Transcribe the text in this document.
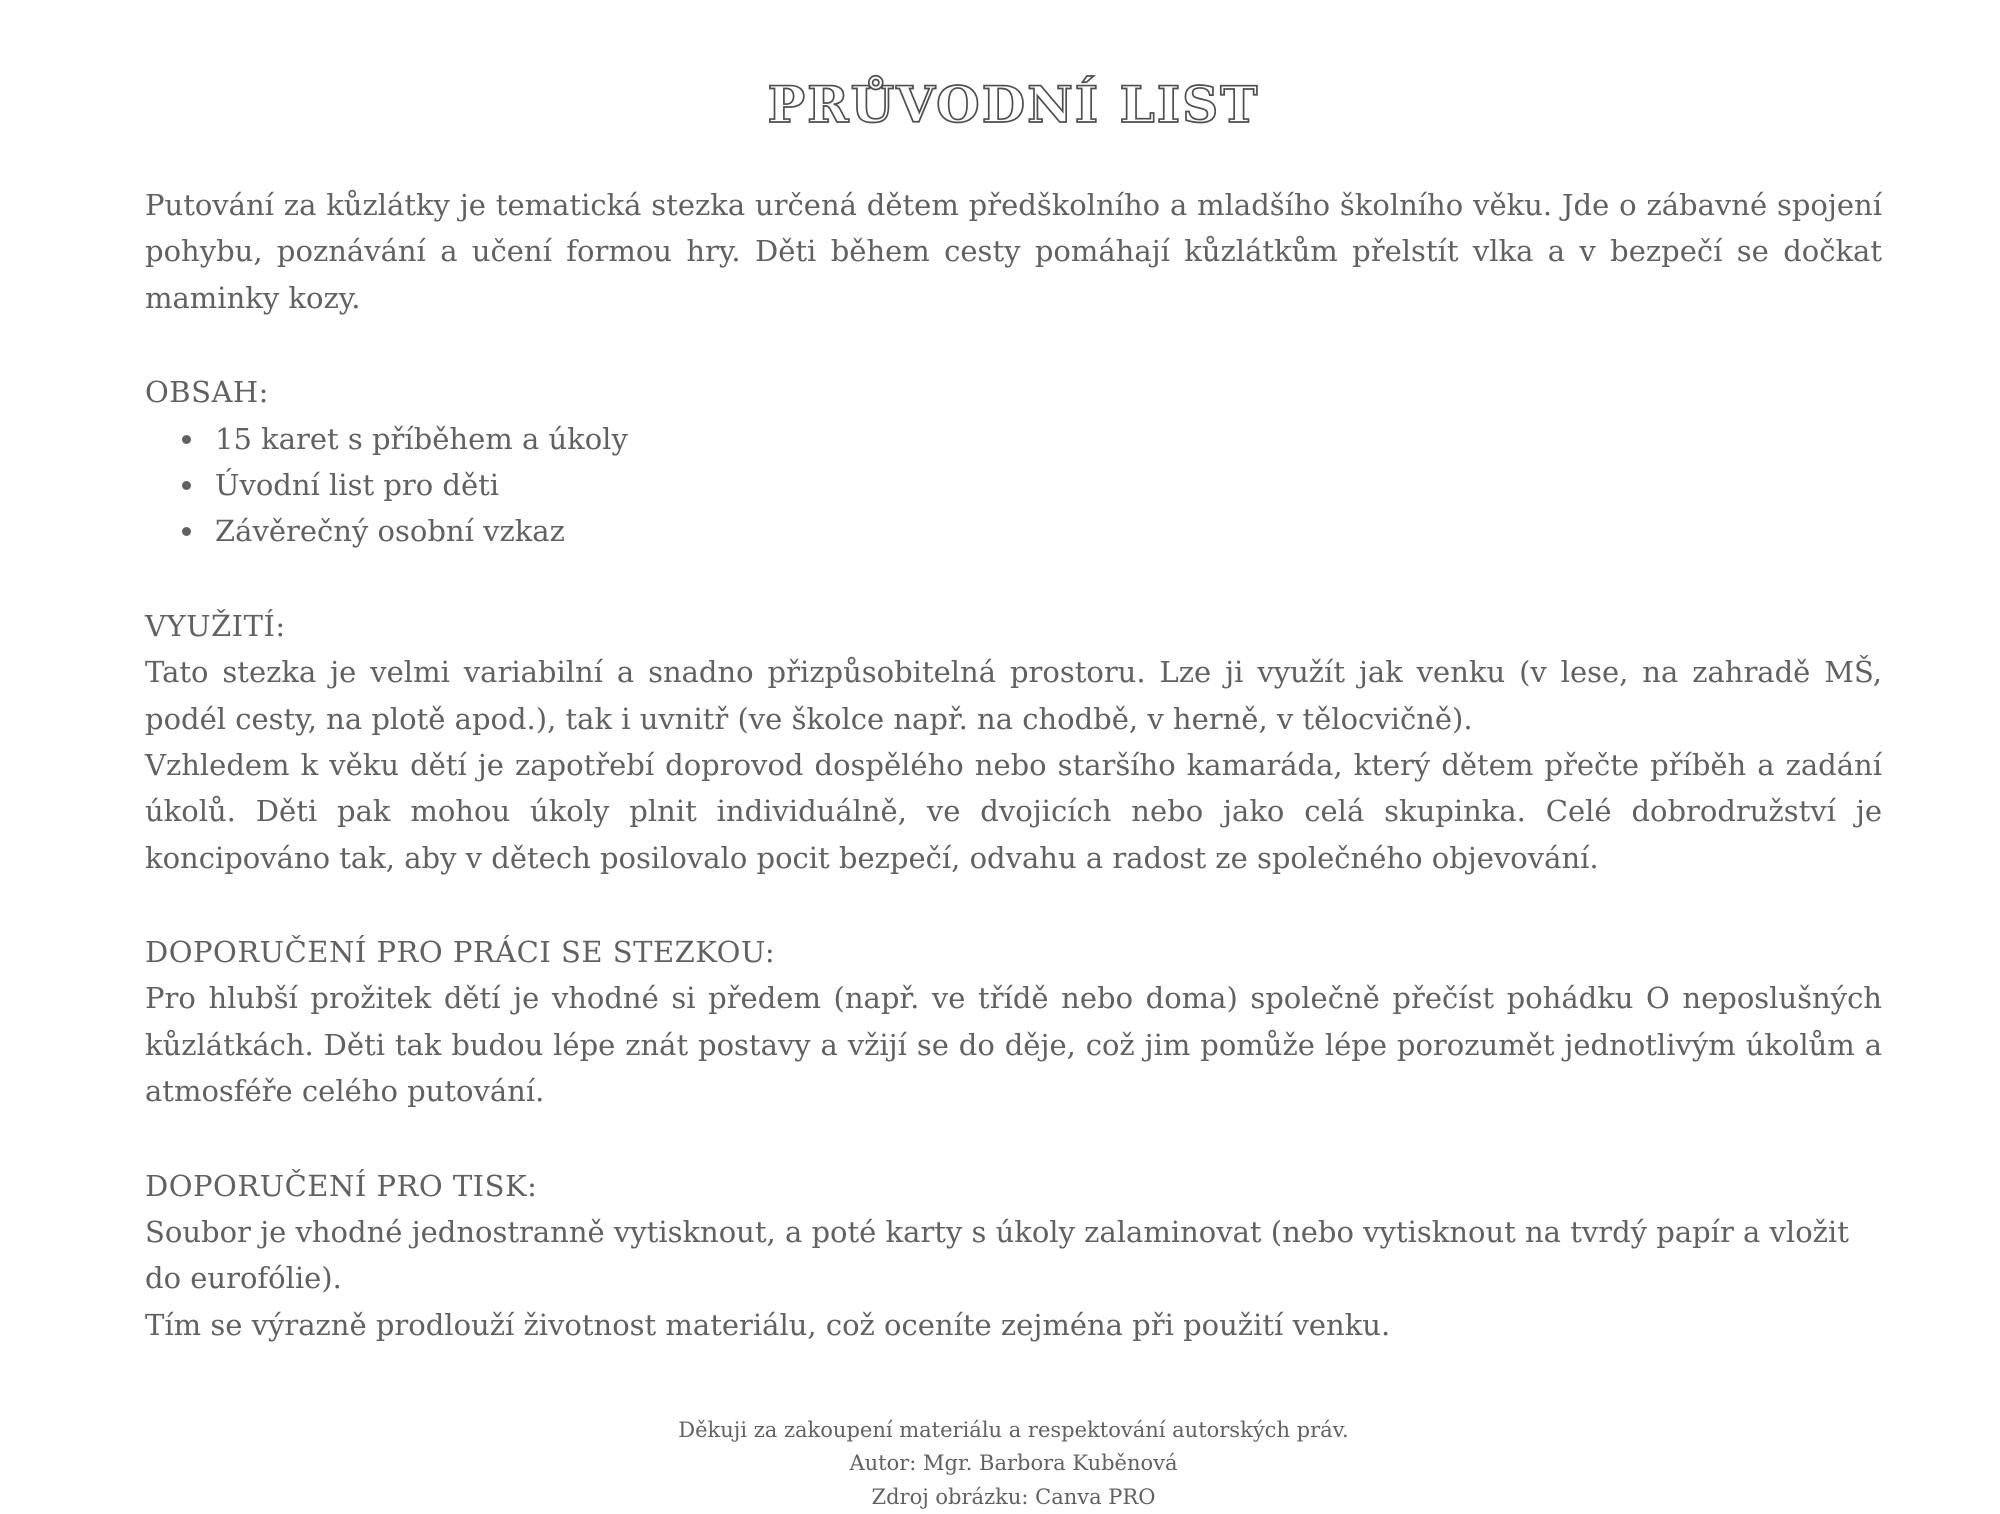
PRŮVODNÍ LIST

Putování za kůzlátky je tematická stezka určená dětem předškolního a mladšího školního věku. Jde o zábavné spojení pohybu, poznávání a učení formou hry. Děti během cesty pomáhají kůzlátkům přelstít vlka a v bezpečí se dočkat maminky kozy.

OBSAH:

• 15 karet s příběhem a úkoly
• Úvodní list pro děti
• Závěrečný osobní vzkaz

VYUŽITÍ:

Tato stezka je velmi variabilní a snadno přizpůsobitelná prostoru. Lze ji využít jak venku (v lese, na zahradě MŠ, podél cesty, na plotě apod.), tak i uvnitř (ve školce např. na chodbě, v herně, v tělocvičně).

Vzhledem k věku dětí je zapotřebí doprovod dospělého nebo staršího kamaráda, který dětem přečte příběh a zadání úkolů. Děti pak mohou úkoly plnit individuálně, ve dvojicích nebo jako celá skupinka. Celé dobrodružství je koncipováno tak, aby v dětech posilovalo pocit bezpečí, odvahu a radost ze společného objevování.

DOPORUČENÍ PRO PRÁCI SE STEZKOU:

Pro hlubší prožitek dětí je vhodné si předem (např. ve třídě nebo doma) společně přečíst pohádku O neposlušných kůzlátkách. Děti tak budou lépe znát postavy a vžijí se do děje, což jim pomůže lépe porozumět jednotlivým úkolům a atmosféře celého putování.

DOPORUČENÍ PRO TISK:

Soubor je vhodné jednostranně vytisknout, a poté karty s úkoly zalaminovat (nebo vytisknout na tvrdý papír a vložit do eurofólie).

Tím se výrazně prodlouží životnost materiálu, což oceníte zejména při použití venku.

Děkuji za zakoupení materiálu a respektování autorských práv.

Autor: Mgr. Barbora Kuběnová

Zdroj obrázku: Canva PRO
